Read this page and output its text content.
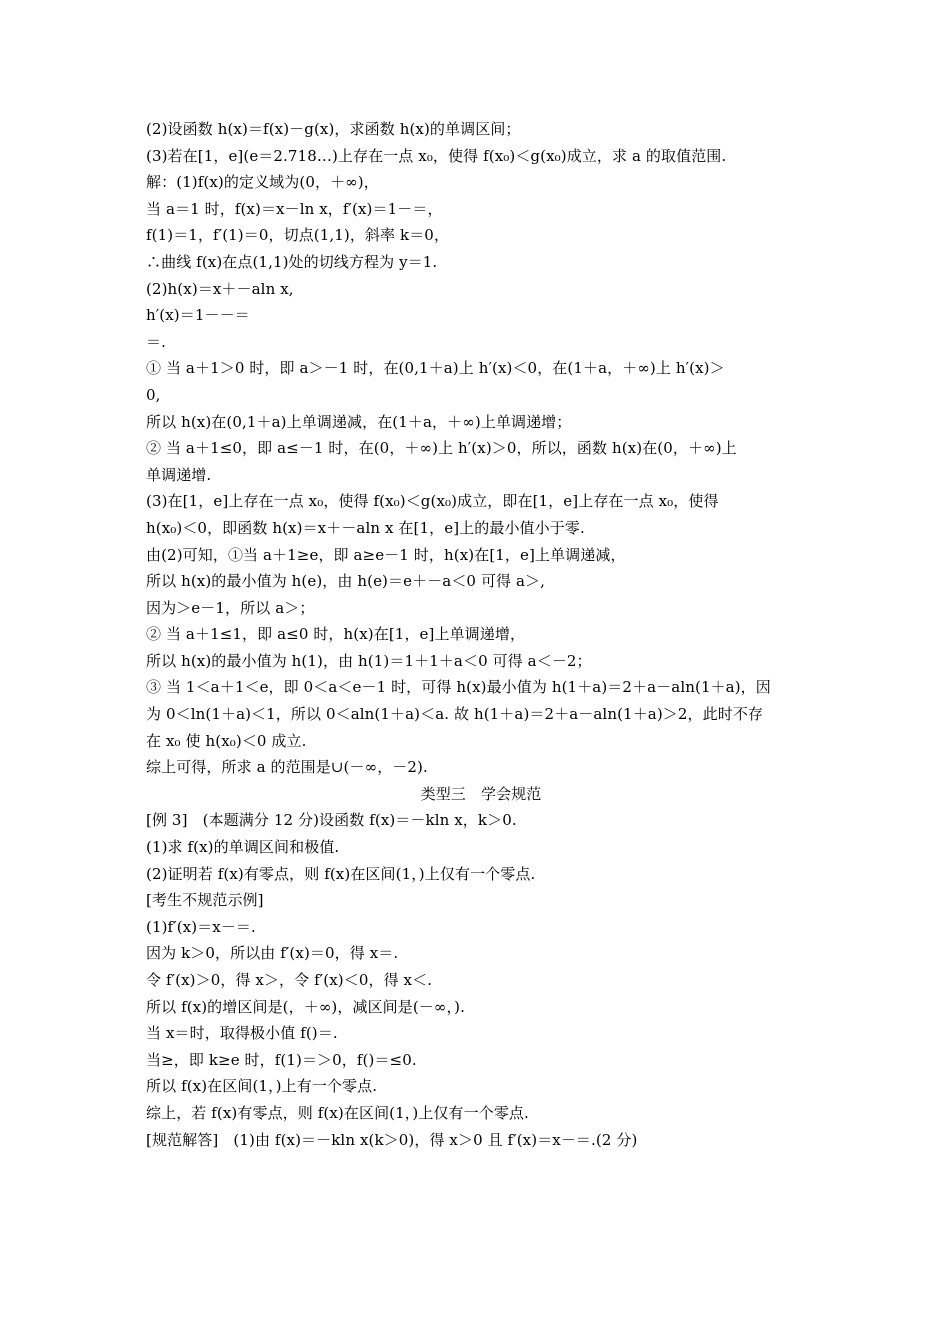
(2)设函数 h(x)＝f(x)－g(x)，求函数 h(x)的单调区间；
(3)若在[1，e](e＝2.718…)上存在一点 x₀，使得 f(x₀)＜g(x₀)成立，求 a 的取值范围.
解：(1)f(x)的定义域为(0，＋∞)，
当 a＝1 时，f(x)＝x－ln x，f′(x)＝1－＝，
f(1)＝1，f′(1)＝0，切点(1,1)，斜率 k＝0，
∴曲线 f(x)在点(1,1)处的切线方程为 y＝1.
(2)h(x)＝x＋－aln x,
h′(x)＝1－－＝
＝.
① 当 a＋1＞0 时，即 a＞－1 时，在(0,1＋a)上 h′(x)＜0，在(1＋a，＋∞)上 h′(x)＞
0,
所以 h(x)在(0,1＋a)上单调递减，在(1＋a，＋∞)上单调递增；
② 当 a＋1≤0，即 a≤－1 时，在(0，＋∞)上 h′(x)＞0，所以，函数 h(x)在(0，＋∞)上
单调递增.
(3)在[1，e]上存在一点 x₀，使得 f(x₀)＜g(x₀)成立，即在[1，e]上存在一点 x₀，使得
h(x₀)＜0，即函数 h(x)＝x＋－aln x 在[1，e]上的最小值小于零.
由(2)可知，①当 a＋1≥e，即 a≥e－1 时，h(x)在[1，e]上单调递减，
所以 h(x)的最小值为 h(e)，由 h(e)＝e＋－a＜0 可得 a＞,
因为＞e－1，所以 a＞；
② 当 a＋1≤1，即 a≤0 时，h(x)在[1，e]上单调递增，
所以 h(x)的最小值为 h(1)，由 h(1)＝1＋1＋a＜0 可得 a＜－2；
③ 当 1＜a＋1＜e，即 0＜a＜e－1 时，可得 h(x)最小值为 h(1＋a)＝2＋a－aln(1＋a)，因
为 0＜ln(1＋a)＜1，所以 0＜aln(1＋a)＜a. 故 h(1＋a)＝2＋a－aln(1＋a)＞2，此时不存
在 x₀ 使 h(x₀)＜0 成立.
综上可得，所求 a 的范围是∪(－∞，－2).
类型三　学会规范
[例 3]　(本题满分 12 分)设函数 f(x)＝－kln x，k＞0.
(1)求 f(x)的单调区间和极值.
(2)证明若 f(x)有零点，则 f(x)在区间(1，)上仅有一个零点.
[考生不规范示例]
(1)f′(x)＝x－＝.
因为 k＞0，所以由 f′(x)＝0，得 x＝.
令 f′(x)＞0，得 x＞，令 f′(x)＜0，得 x＜.
所以 f(x)的增区间是(，＋∞)，减区间是(－∞，).
当 x＝时，取得极小值 f()＝.
当≥，即 k≥e 时，f(1)＝＞0，f()＝≤0.
所以 f(x)在区间(1，)上有一个零点.
综上，若 f(x)有零点，则 f(x)在区间(1，)上仅有一个零点.
[规范解答]　(1)由 f(x)＝－kln x(k＞0)，得 x＞0 且 f′(x)＝x－＝.(2 分)
